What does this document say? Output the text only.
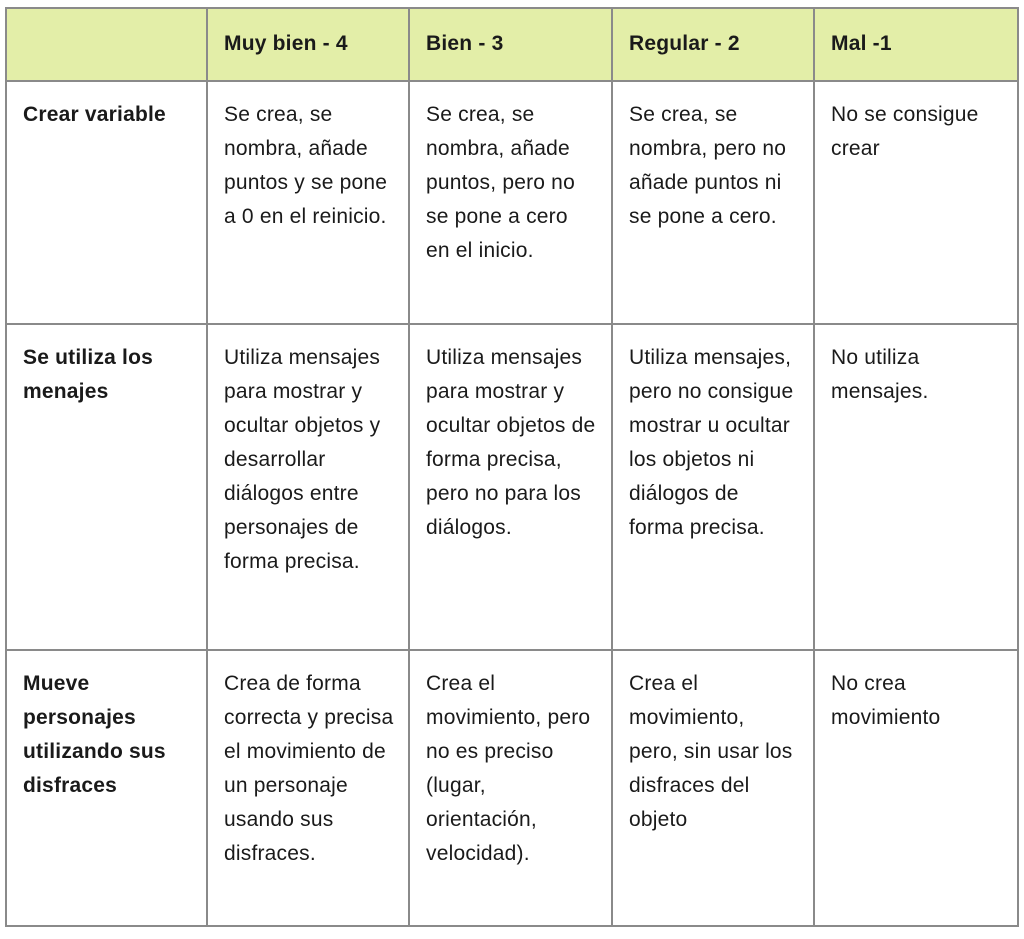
	Muy bien - 4	Bien - 3	Regular - 2	Mal -1
Crear variable	Se crea, se nombra, añade puntos y se pone a 0 en el reinicio.	Se crea, se nombra, añade puntos, pero no se pone a cero en el inicio.	Se crea, se nombra, pero no añade puntos ni se pone a cero.	No se consigue crear
Se utiliza los menajes	Utiliza mensajes para mostrar y ocultar objetos y desarrollar diálogos entre personajes de forma precisa.	Utiliza mensajes para mostrar y ocultar objetos de forma precisa, pero no para los diálogos.	Utiliza mensajes, pero no consigue mostrar u ocultar los objetos ni diálogos de forma precisa.	No utiliza mensajes.
Mueve personajes utilizando sus disfraces	Crea de forma correcta y precisa el movimiento de un personaje usando sus disfraces.	Crea el movimiento, pero no es preciso (lugar, orientación, velocidad).	Crea el movimiento, pero, sin usar los disfraces del objeto	No crea movimiento
